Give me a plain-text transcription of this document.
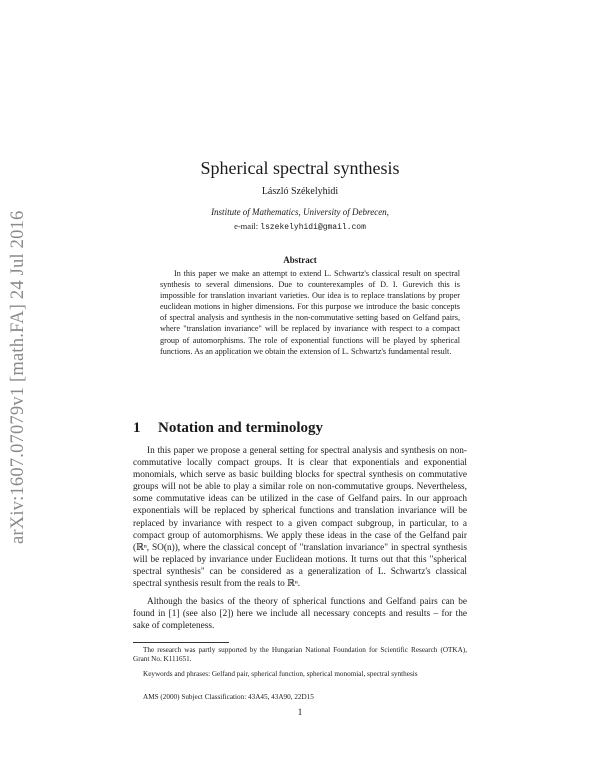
arXiv:1607.07079v1 [math.FA] 24 Jul 2016
Spherical spectral synthesis
László Székelyhidi
Institute of Mathematics, University of Debrecen,
e-mail: lszekelyhidi@gmail.com
Abstract

In this paper we make an attempt to extend L. Schwartz's classical result on spectral synthesis to several dimensions. Due to counterexamples of D. I. Gurevich this is impossible for translation invariant varieties. Our idea is to replace translations by proper euclidean motions in higher dimensions. For this purpose we introduce the basic concepts of spectral analysis and synthesis in the non-commutative setting based on Gelfand pairs, where "translation invariance" will be replaced by invariance with respect to a compact group of automorphisms. The role of exponential functions will be played by spherical functions. As an application we obtain the extension of L. Schwartz's fundamental result.

1 Notation and terminology

In this paper we propose a general setting for spectral analysis and synthesis on non-commutative locally compact groups. It is clear that exponentials and exponential monomials, which serve as basic building blocks for spectral synthesis on commutative groups will not be able to play a similar role on non-commutative groups. Nevertheless, some commutative ideas can be utilized in the case of Gelfand pairs. In our approach exponentials will be replaced by spherical functions and translation invariance will be replaced by invariance with respect to a given compact subgroup, in particular, to a compact group of automorphisms. We apply these ideas in the case of the Gelfand pair (ℝⁿ, SO(n)), where the classical concept of "translation invariance" in spectral synthesis will be replaced by invariance under Euclidean motions. It turns out that this "spherical spectral synthesis" can be considered as a generalization of L. Schwartz's classical spectral synthesis result from the reals to ℝⁿ.

Although the basics of the theory of spherical functions and Gelfand pairs can be found in [1] (see also [2]) here we include all necessary concepts and results – for the sake of completeness.

The research was partly supported by the Hungarian National Foundation for Scientific Research (OTKA), Grant No. K111651.

Keywords and phrases: Gelfand pair, spherical function, spherical monomial, spectral synthesis

AMS (2000) Subject Classification: 43A45, 43A90, 22D15

1
